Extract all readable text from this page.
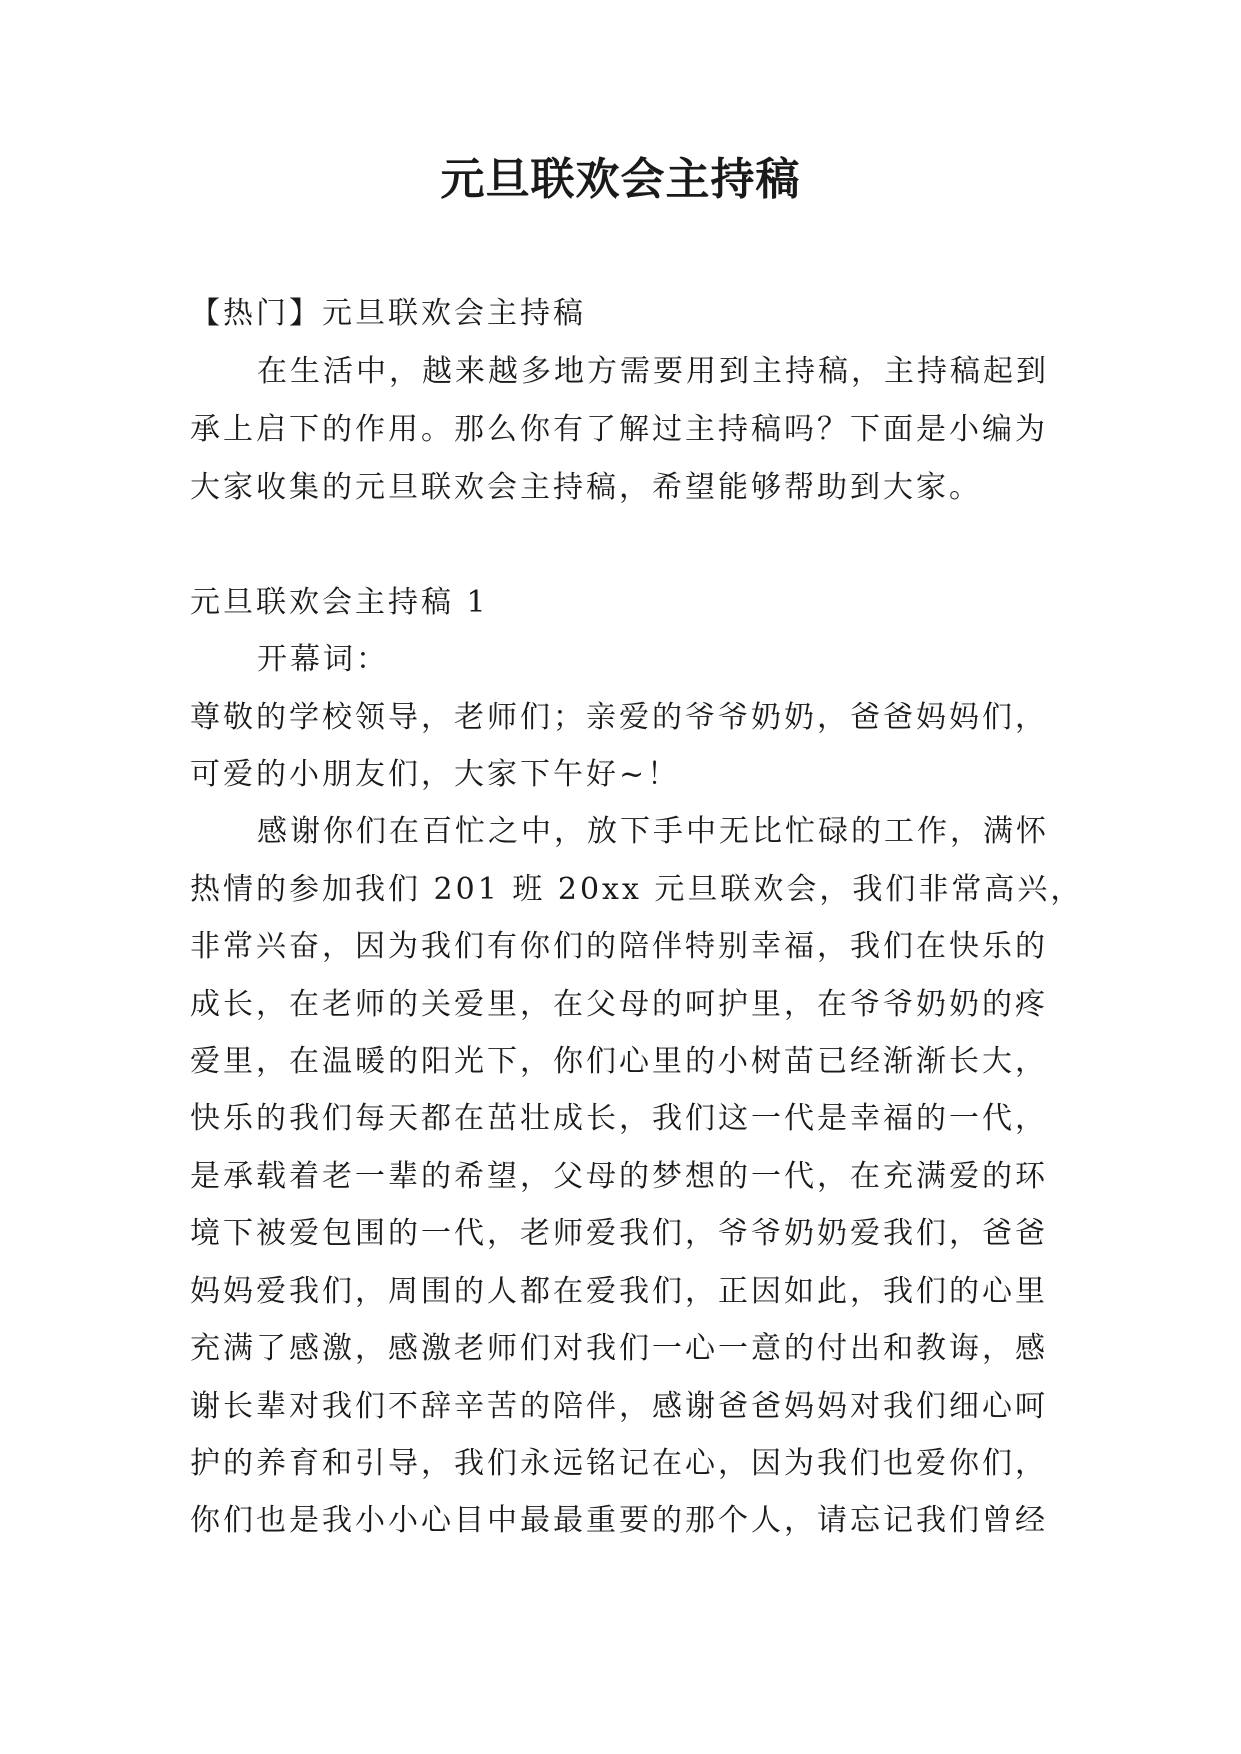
元旦联欢会主持稿
【热门】元旦联欢会主持稿
在生活中，越来越多地方需要用到主持稿，主持稿起到
承上启下的作用。那么你有了解过主持稿吗？下面是小编为
大家收集的元旦联欢会主持稿，希望能够帮助到大家。
元旦联欢会主持稿 1
开幕词：
尊敬的学校领导，老师们；亲爱的爷爷奶奶，爸爸妈妈们，
可爱的小朋友们，大家下午好~！
感谢你们在百忙之中，放下手中无比忙碌的工作，满怀
热情的参加我们 201 班 20xx 元旦联欢会，我们非常高兴，
非常兴奋，因为我们有你们的陪伴特别幸福，我们在快乐的
成长，在老师的关爱里，在父母的呵护里，在爷爷奶奶的疼
爱里，在温暖的阳光下，你们心里的小树苗已经渐渐长大，
快乐的我们每天都在茁壮成长，我们这一代是幸福的一代，
是承载着老一辈的希望，父母的梦想的一代，在充满爱的环
境下被爱包围的一代，老师爱我们，爷爷奶奶爱我们，爸爸
妈妈爱我们，周围的人都在爱我们，正因如此，我们的心里
充满了感激，感激老师们对我们一心一意的付出和教诲，感
谢长辈对我们不辞辛苦的陪伴，感谢爸爸妈妈对我们细心呵
护的养育和引导，我们永远铭记在心，因为我们也爱你们，
你们也是我小小心目中最最重要的那个人，请忘记我们曾经
